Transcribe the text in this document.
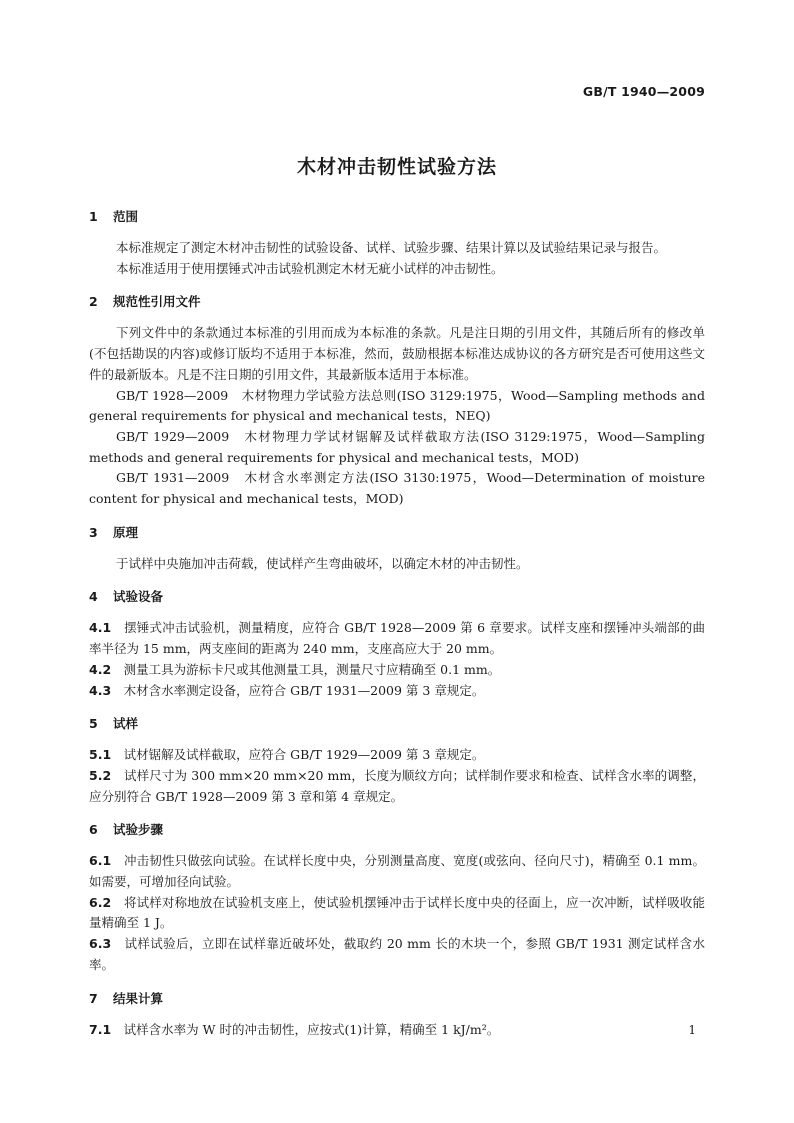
GB/T 1940—2009
木材冲击韧性试验方法
1 范围

本标准规定了测定木材冲击韧性的试验设备、试样、试验步骤、结果计算以及试验结果记录与报告。

本标准适用于使用摆锤式冲击试验机测定木材无疵小试样的冲击韧性。

2 规范性引用文件

下列文件中的条款通过本标准的引用而成为本标准的条款。凡是注日期的引用文件，其随后所有的修改单(不包括勘误的内容)或修订版均不适用于本标准，然而，鼓励根据本标准达成协议的各方研究是否可使用这些文件的最新版本。凡是不注日期的引用文件，其最新版本适用于本标准。

GB/T 1928—2009　木材物理力学试验方法总则(ISO 3129:1975，Wood—Sampling methods and general requirements for physical and mechanical tests，NEQ)

GB/T 1929—2009　木材物理力学试材锯解及试样截取方法(ISO 3129:1975，Wood—Sampling methods and general requirements for physical and mechanical tests，MOD)

GB/T 1931—2009　木材含水率测定方法(ISO 3130:1975，Wood—Determination of moisture content for physical and mechanical tests，MOD)

3 原理

于试样中央施加冲击荷载，使试样产生弯曲破坏，以确定木材的冲击韧性。

4 试验设备

4.1　 摆锤式冲击试验机，测量精度，应符合 GB/T 1928—2009 第 6 章要求。试样支座和摆锤冲头端部的曲率半径为 15 mm，两支座间的距离为 240 mm，支座高应大于 20 mm。

4.2　 测量工具为游标卡尺或其他测量工具，测量尺寸应精确至 0.1 mm。

4.3　 木材含水率测定设备，应符合 GB/T 1931—2009 第 3 章规定。

5 试样

5.1　 试材锯解及试样截取，应符合 GB/T 1929—2009 第 3 章规定。

5.2　 试样尺寸为 300 mm×20 mm×20 mm，长度为顺纹方向；试样制作要求和检查、试样含水率的调整，应分别符合 GB/T 1928—2009 第 3 章和第 4 章规定。

6 试验步骤

6.1　 冲击韧性只做弦向试验。在试样长度中央，分别测量高度、宽度(或弦向、径向尺寸)，精确至 0.1 mm。如需要，可增加径向试验。

6.2　 将试样对称地放在试验机支座上，使试验机摆锤冲击于试样长度中央的径面上，应一次冲断，试样吸收能量精确至 1 J。

6.3　 试样试验后，立即在试样靠近破坏处，截取约 20 mm 长的木块一个，参照 GB/T 1931 测定试样含水率。

7 结果计算

7.1　 试样含水率为 W 时的冲击韧性，应按式(1)计算，精确至 1 kJ/m²。	1
